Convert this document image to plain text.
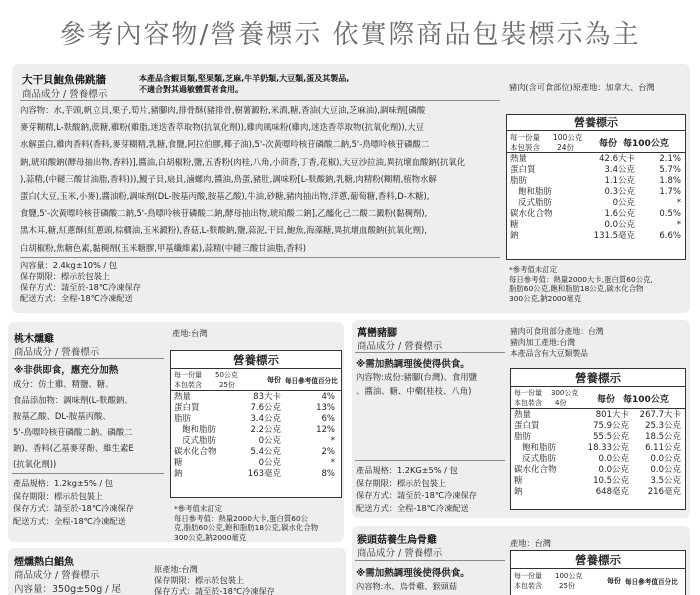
參考內容物/營養標示 依實際商品包裝標示為主
大干貝鮑魚佛跳牆
商品成分 / 營養標示
本產品含蝦貝類,堅果類,芝麻,牛羊奶類,大豆類,蛋及其製品,
不適合對其過敏體質者食用。	豬肉(含可食部位)原產地：加拿大、台灣
內容物：水,芋頭,帆立貝,栗子,筍片,豬腳肉,排骨酥(豬排骨,樹薯澱粉,米酒,糖,香油(大豆油,芝麻油),調味劑[磷酸
麥芽糊精,L-麩酸鈉,蔗糖,雞粉(雞脂,迷迭香萃取物(抗氧化劑)),雞肉風味粉(雞肉,迷迭香萃取物(抗氧化劑)),大豆
水解蛋白,雞肉香料(香料,麥芽糊精,乳糖,食鹽,阿拉伯膠,椰子油),5'-次黃嘌呤核苷磷酸二鈉,5'-鳥嘌呤核苷磷酸二
鈉,琥珀酸鈉(酵母抽出物,香料)],醬油,白胡椒粉,鹽,五香粉(肉桂,八角,小茴香,丁香,花椒),大豆沙拉油,異抗壞血酸鈉(抗氧化
),蒜精,(中鏈三酸甘油脂,香料))),鰻子貝,扇貝,滷螺肉,醬油,鳥蛋,豬肚,調味粉[L-麩酸鈉,乳糖,肉精粉(糊精,植物水解
蛋白(大豆,玉米,小麥),醬油粉,調味劑(DL-胺基丙酸,胺基乙酸),牛油,砂糖,豬肉抽出物,洋蔥,葡萄糖,香料,D-木糖),
食鹽,5'-次黃嘌呤核苷磷酸二鈉,5'-鳥嘌呤核苷磷酸二鈉,酵母抽出物,琥珀酸二鈉],乙醯化己二酸二澱粉(黏稠劑),
黑木耳,糖,紅蔥酥(紅蔥頭,棕櫚油,玉米澱粉),香菇,L-麩酸鈉,鹽,蒜泥,干貝,鮑魚,海藻糖,異抗壞血酸鈉(抗氧化劑),
白胡椒粉,焦糖色素,黏稠劑(玉米糖膠,甲基纖維素),蒜精(中鏈三酸甘油脂,香料)
內容量：2.4kg±10% / 包
保存期限：標示於包裝上
保存方式：請至於-18℃冷凍保存
配送方式：全程-18℃冷凍配送
營養標示
每一份量 100公克
本包裝含 24份	每份 每100公克
熱量	42.6大卡	2.1%
蛋白質	3.4公克	5.7%
脂肪	1.1公克	1.8%
飽和脂肪	0.3公克	1.7%
反式脂肪	0公克	*
碳水化合物	1.6公克	0.5%
糖	0.0公克	*
鈉	131.5毫克	6.6%
*參考值未訂定
每日參考值：熱量2000大卡,蛋白質60公克,
脂肪60公克,飽和脂肪18公克,碳水化合物
300公克,鈉2000毫克
桃木燻雞
商品成分 / 營養標示
產地:台灣
※非供即食，應充分加熱
成分：仿土雞、精鹽、糖、
食品添加物：調味劑(L-麩酸鈉、
胺基乙酸、DL-胺基丙酸、
5'-鳥嘌呤核苷磷酸二鈉、磷酸二
鈉)、香料(乙基麥芽酚、維生素E
(抗氧化劑))
產品規格：1.2kg±5% / 包
保存期限：標示於包裝上
保存方式：請至於-18℃冷凍保存
配送方式：全程-18℃冷凍配送
營養標示
每一份量 50公克
本包裝含 25份
每份 每日參考值百分比
熱量	83大卡	4%
蛋白質	7.6公克	13%
脂肪	3.4公克	6%
飽和脂肪	2.2公克	12%
反式脂肪	0公克	*
碳水化合物	5.4公克	2%
糖	0公克	*
鈉	163毫克	8%
*參考值未訂定
每日參考值：熱量2000大卡,蛋白質60公
克,脂肪60公克,飽和脂肪18公克,碳水化合物
300公克,鈉2000毫克
萬巒豬腳
商品成分 / 營養標示
豬肉可食用部分產地：台灣
豬肉加工產地:台灣
本產品含有大豆類製品
※需加熱調理後使得供食。
內容物:成份:豬腳(台灣)、食用鹽
、醬油、糖、中藥(桂枝、八角)
產品規格：1.2KG±5% / 包
保存期限：標示於包裝上
保存方式：請至於-18℃冷凍保存
配送方式：全程-18℃冷凍配送
營養標示
每一份量 300公克
本包裝含 4份	每份 每100公克
熱量	801大卡 267.7大卡
蛋白質	75.9公克 25.3公克
脂肪	55.5公克 18.5公克
飽和脂肪	18.33公克 6.11公克
反式脂肪	0.0公克	0.0公克
碳水化合物	0.0公克	0.0公克
糖	10.5公克	3.5公克
鈉	648毫克 216毫克
煙燻熱白鯧魚
商品成分 / 營養標示
內容量：350g±50g / 尾
原產地:台灣
保存期限：標示於包裝上
保存方式：請至於-18℃冷凍保存
猴頭菇養生烏骨雞
商品成分 / 營養標示
產地：台灣
※需加熱調理後使得供食。
內容物:水、烏骨雞、猴頭菇
營養標示
每一份量 100公克
本包裝含 25份
每份 每日參考值百分比
